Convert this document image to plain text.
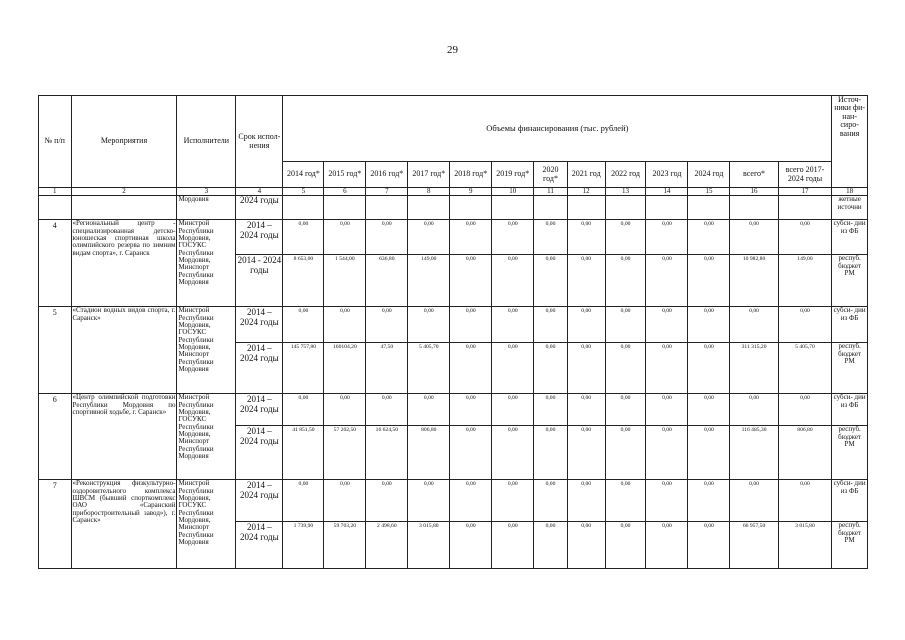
29
№ п/п	Мероприятия	Исполнители	Срок испол- нения	Объемы финансирования (тыс. рублей)													Источ- ники фи- нан- сиро- вания
				2014 год*	2015 год*	2016 год*	2017 год*	2018 год*	2019 год*	2020 год*	2021 год	2022 год	2023 год	2024 год	всего*	всего 2017- 2024 годы	
1	2	3	4	5	6	7	8	9	10	11	12	13	14	15	16	17	18
		Мордовия	2024 годы														жетные источни
4	«Региональный центр - специализированная детско-юношеская спортивная школа олимпийского резерва по зимним видам спорта», г. Саранск	Минстрой Республики Мордовия, ГОСУКС Республики Мордовия, Минспорт Республики Мордовия	2014 – 2024 годы	0,00	0,00	0,00	0,00	0,00	0,00	0,00	0,00	0,00	0,00	0,00	0,00	0,00	субси- дии из ФБ
			2014 - 2024 годы	8 653,00	1 544,00	636,80	149,00	0,00	0,00	0,00	0,00	0,00	0,00	0,00	10 982,80	149,00	респуб. бюджет РМ
5	«Стадион водных видов спорта, г. Саранск»	Минстрой Республики Мордовия, ГОСУКС Республики Мордовия, Минспорт Республики Мордовия	2014 – 2024 годы	0,00	0,00	0,00	0,00	0,00	0,00	0,00	0,00	0,00	0,00	0,00	0,00	0,00	субси- дии из ФБ
			2014 – 2024 годы	145 757,80	160104,20	47,50	5 405,70	0,00	0,00	0,00	0,00	0,00	0,00	0,00	311 315,20	5 405,70	респуб. бюджет РМ
6	«Центр олимпийской подготовки Республики Мордовия по спортивной ходьбе, г. Саранск»	Минстрой Республики Мордовия, ГОСУКС Республики Мордовия, Минспорт Республики Мордовия	2014 – 2024 годы	0,00	0,00	0,00	0,00	0,00	0,00	0,00	0,00	0,00	0,00	0,00	0,00	0,00	субси- дии из ФБ
			2014 – 2024 годы	41 851,50	57 202,50	16 624,50	806,80	0,00	0,00	0,00	0,00	0,00	0,00	0,00	116 485,30	806,80	респуб. бюджет РМ
7	«Реконструкция физкультурно-оздоровительного комплекса ШВСМ (бывший спорткомплекс ОАО «Саранский приборостроительный завод»), г. Саранск»	Минстрой Республики Мордовия, ГОСУКС Республики Мордовия, Минспорт Республики Мордовия	2014 – 2024 годы	0,00	0,00	0,00	0,00	0,00	0,00	0,00	0,00	0,00	0,00	0,00	0,00	0,00	субси- дии из ФБ
			2014 – 2024 годы	1 739,90	59 703,20	2 498,60	3 015,80	0,00	0,00	0,00	0,00	0,00	0,00	0,00	66 957,50	3 015,80	респуб. бюджет РМ
